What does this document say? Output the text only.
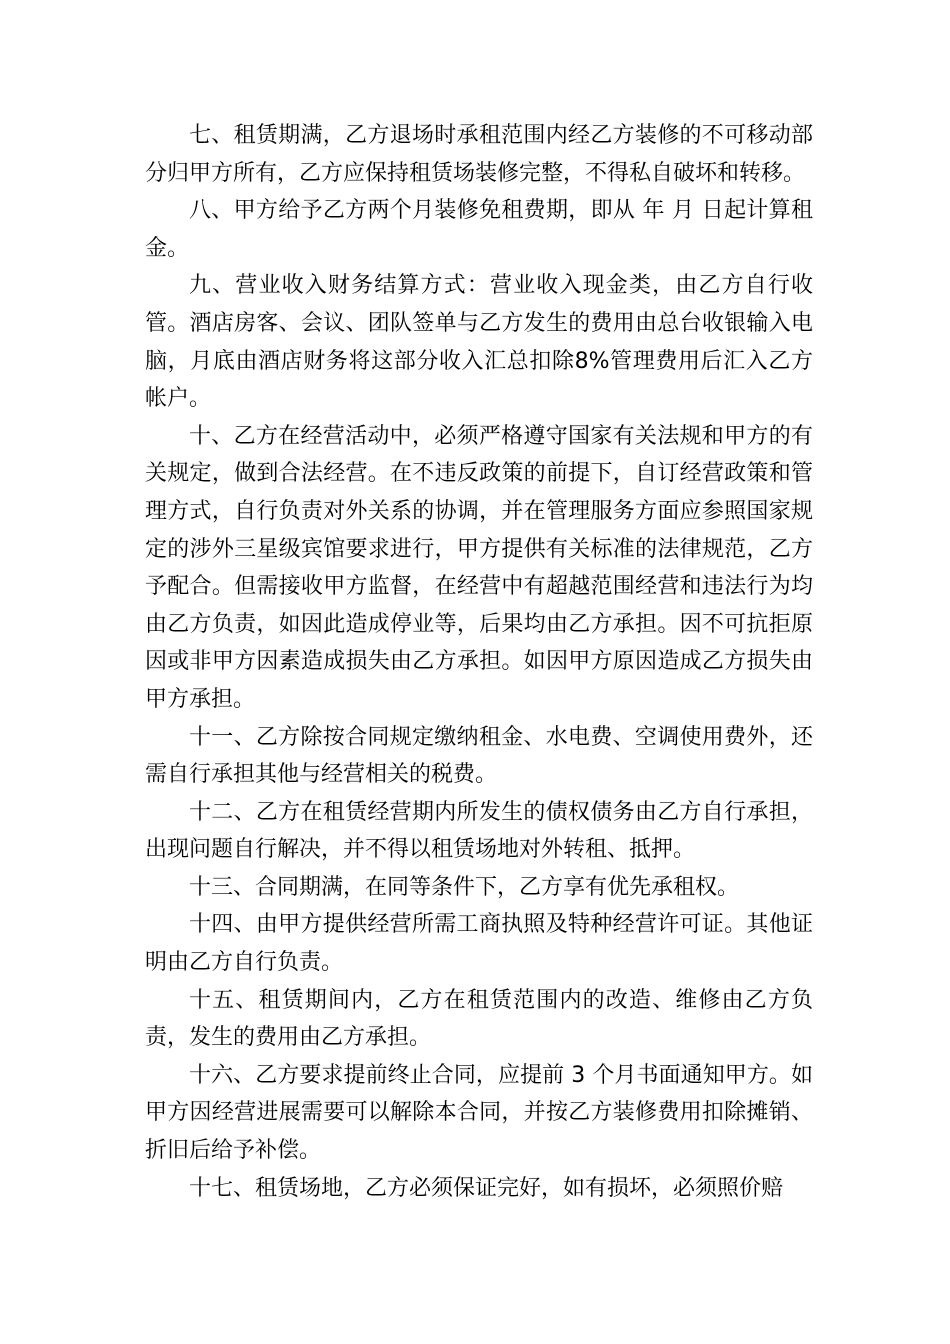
七、租赁期满，乙方退场时承租范围内经乙方装修的不可移动部分归甲方所有，乙方应保持租赁场装修完整，不得私自破坏和转移。

八、甲方给予乙方两个月装修免租费期，即从 年 月 日起计算租金。

九、营业收入财务结算方式：营业收入现金类，由乙方自行收管。酒店房客、会议、团队签单与乙方发生的费用由总台收银输入电脑，月底由酒店财务将这部分收入汇总扣除8%管理费用后汇入乙方帐户。

十、乙方在经营活动中，必须严格遵守国家有关法规和甲方的有关规定，做到合法经营。在不违反政策的前提下，自订经营政策和管理方式，自行负责对外关系的协调，并在管理服务方面应参照国家规定的涉外三星级宾馆要求进行，甲方提供有关标准的法律规范，乙方予配合。但需接收甲方监督，在经营中有超越范围经营和违法行为均由乙方负责，如因此造成停业等，后果均由乙方承担。因不可抗拒原因或非甲方因素造成损失由乙方承担。如因甲方原因造成乙方损失由甲方承担。

十一、乙方除按合同规定缴纳租金、水电费、空调使用费外，还需自行承担其他与经营相关的税费。

十二、乙方在租赁经营期内所发生的债权债务由乙方自行承担，出现问题自行解决，并不得以租赁场地对外转租、抵押。

十三、合同期满，在同等条件下，乙方享有优先承租权。

十四、由甲方提供经营所需工商执照及特种经营许可证。其他证明由乙方自行负责。

十五、租赁期间内，乙方在租赁范围内的改造、维修由乙方负责，发生的费用由乙方承担。

十六、乙方要求提前终止合同，应提前 3 个月书面通知甲方。如甲方因经营进展需要可以解除本合同，并按乙方装修费用扣除摊销、折旧后给予补偿。

十七、租赁场地，乙方必须保证完好，如有损坏，必须照价赔
